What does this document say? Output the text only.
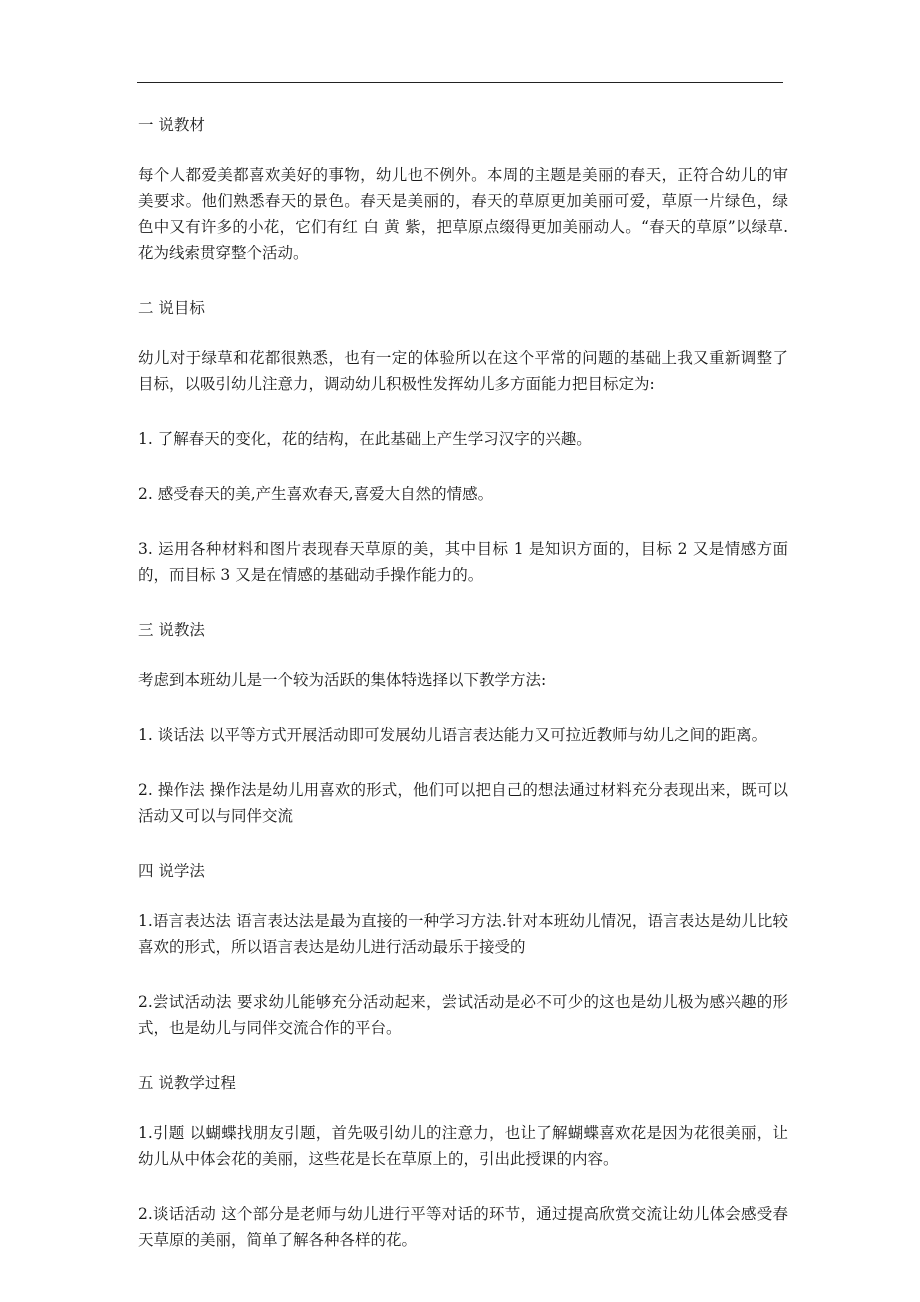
一 说教材

每个人都爱美都喜欢美好的事物，幼儿也不例外。本周的主题是美丽的春天，正符合幼儿的审美要求。他们熟悉春天的景色。春天是美丽的，春天的草原更加美丽可爱，草原一片绿色，绿色中又有许多的小花，它们有红 白 黄 紫，把草原点缀得更加美丽动人。“春天的草原”以绿草.花为线索贯穿整个活动。

二 说目标

幼儿对于绿草和花都很熟悉，也有一定的体验所以在这个平常的问题的基础上我又重新调整了目标，以吸引幼儿注意力，调动幼儿积极性发挥幼儿多方面能力把目标定为:

1. 了解春天的变化，花的结构，在此基础上产生学习汉字的兴趣。

2. 感受春天的美,产生喜欢春天,喜爱大自然的情感。

3. 运用各种材料和图片表现春天草原的美，其中目标 1 是知识方面的，目标 2 又是情感方面的，而目标 3 又是在情感的基础动手操作能力的。

三 说教法

考虑到本班幼儿是一个较为活跃的集体特选择以下教学方法:

1. 谈话法 以平等方式开展活动即可发展幼儿语言表达能力又可拉近教师与幼儿之间的距离。

2. 操作法 操作法是幼儿用喜欢的形式，他们可以把自己的想法通过材料充分表现出来，既可以活动又可以与同伴交流

四 说学法

1.语言表达法 语言表达法是最为直接的一种学习方法.针对本班幼儿情况，语言表达是幼儿比较喜欢的形式，所以语言表达是幼儿进行活动最乐于接受的

2.尝试活动法 要求幼儿能够充分活动起来，尝试活动是必不可少的这也是幼儿极为感兴趣的形式，也是幼儿与同伴交流合作的平台。

五 说教学过程

1.引题 以蝴蝶找朋友引题，首先吸引幼儿的注意力，也让了解蝴蝶喜欢花是因为花很美丽，让幼儿从中体会花的美丽，这些花是长在草原上的，引出此授课的内容。

2.谈话活动 这个部分是老师与幼儿进行平等对话的环节，通过提高欣赏交流让幼儿体会感受春天草原的美丽，简单了解各种各样的花。
